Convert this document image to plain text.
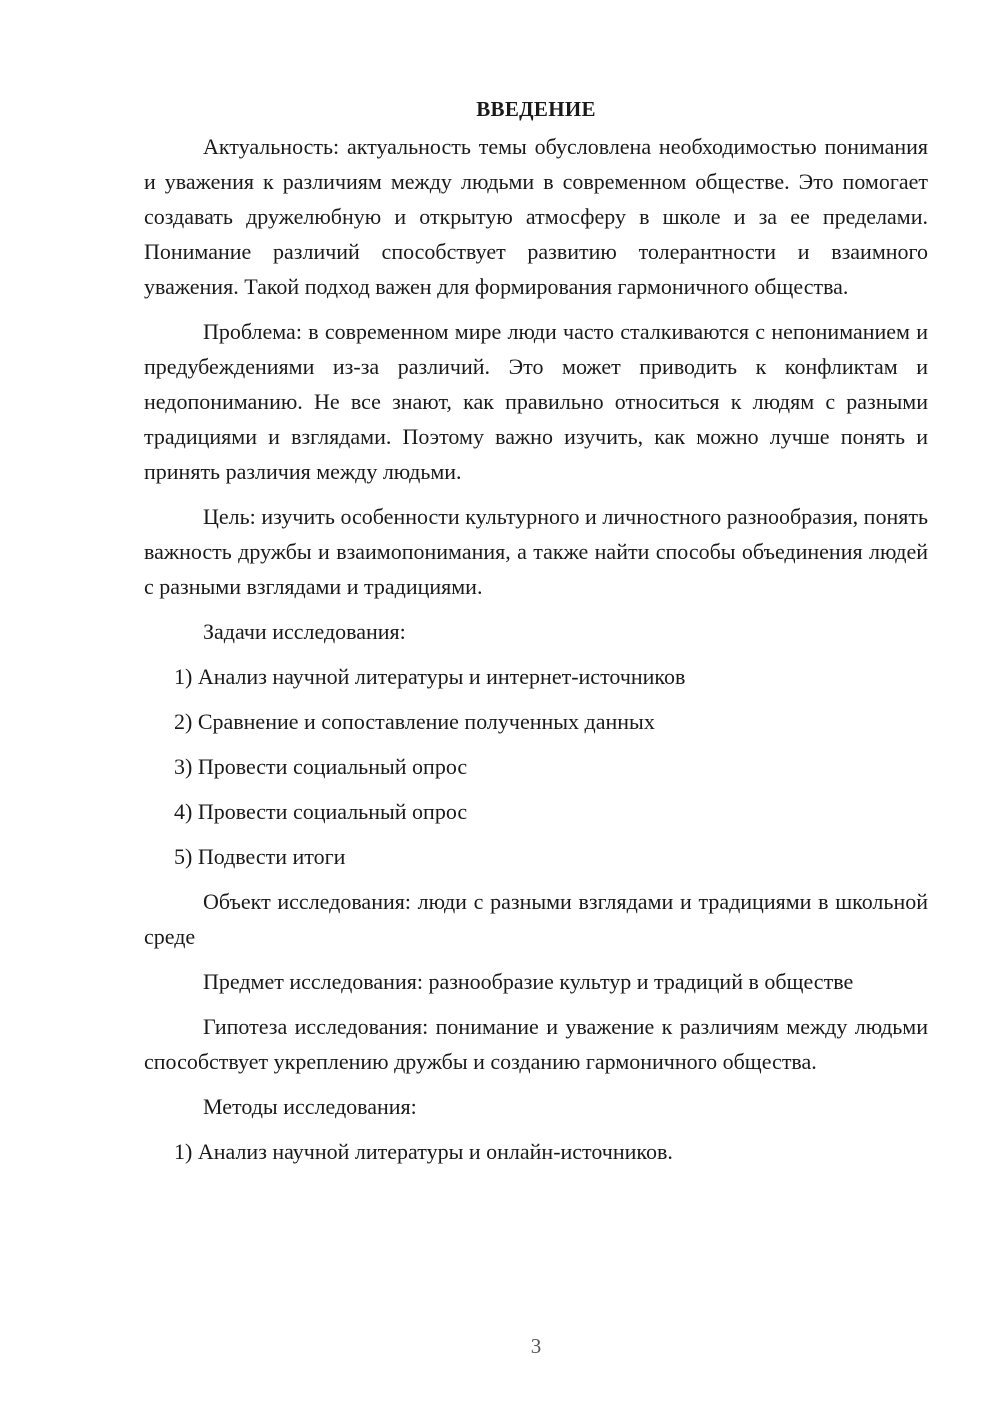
ВВЕДЕНИЕ

Актуальность: актуальность темы обусловлена необходимостью понимания и уважения к различиям между людьми в современном обществе. Это помогает создавать дружелюбную и открытую атмосферу в школе и за ее пределами. Понимание различий способствует развитию толерантности и взаимного уважения. Такой подход важен для формирования гармоничного общества.

Проблема: в современном мире люди часто сталкиваются с непониманием и предубеждениями из-за различий. Это может приводить к конфликтам и недопониманию. Не все знают, как правильно относиться к людям с разными традициями и взглядами. Поэтому важно изучить, как можно лучше понять и принять различия между людьми.

Цель: изучить особенности культурного и личностного разнообразия, понять важность дружбы и взаимопонимания, а также найти способы объединения людей с разными взглядами и традициями.

Задачи исследования:

1) Анализ научной литературы и интернет-источников

2) Сравнение и сопоставление полученных данных

3) Провести социальный опрос

4) Провести социальный опрос

5) Подвести итоги

Объект исследования: люди с разными взглядами и традициями в школьной среде

Предмет исследования: разнообразие культур и традиций в обществе

Гипотеза исследования: понимание и уважение к различиям между людьми способствует укреплению дружбы и созданию гармоничного общества.

Методы исследования:

1) Анализ научной литературы и онлайн-источников.

3
